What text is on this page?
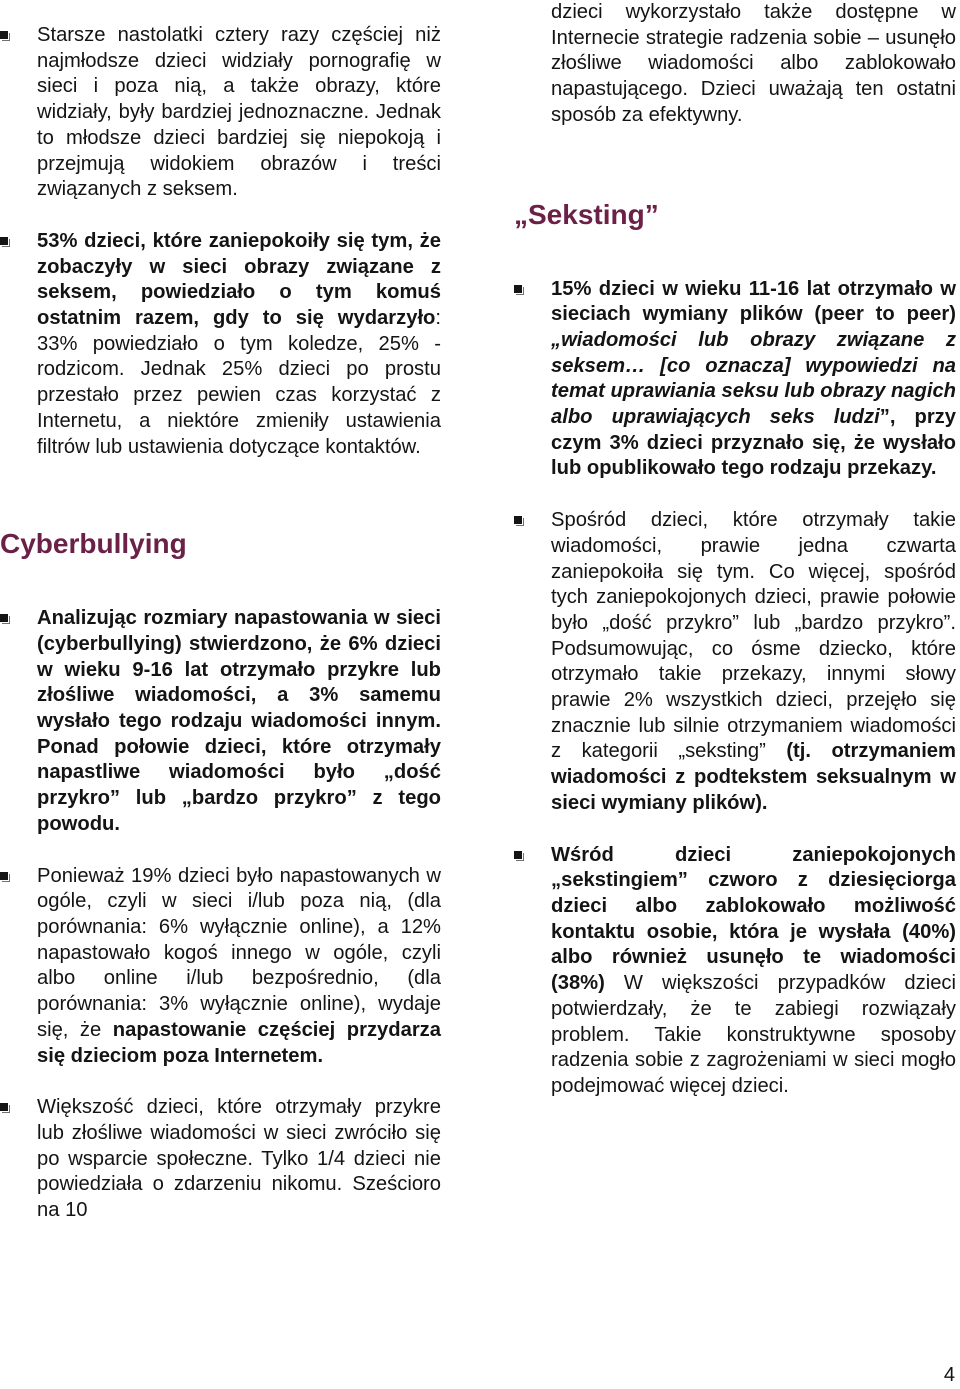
Starsze nastolatki cztery razy częściej niż najmłodsze dzieci widziały pornografię w sieci i poza nią, a także obrazy, które widziały, były bardziej jednoznaczne. Jednak to młodsze dzieci bardziej się niepokoją i przejmują widokiem obrazów i treści związanych z seksem.

53% dzieci, które zaniepokoiły się tym, że zobaczyły w sieci obrazy związane z seksem, powiedziało o tym komuś ostatnim razem, gdy to się wydarzyło: 33% powiedziało o tym koledze, 25% - rodzicom. Jednak 25% dzieci po prostu przestało przez pewien czas korzystać z Internetu, a niektóre zmieniły ustawienia filtrów lub ustawienia dotyczące kontaktów.

Cyberbullying

Analizując rozmiary napastowania w sieci (cyberbullying) stwierdzono, że 6% dzieci w wieku 9-16 lat otrzymało przykre lub złośliwe wiadomości, a 3% samemu wysłało tego rodzaju wiadomości innym. Ponad połowie dzieci, które otrzymały napastliwe wiadomości było „dość przykro” lub „bardzo przykro” z tego powodu.

Ponieważ 19% dzieci było napastowanych w ogóle, czyli w sieci i/lub poza nią, (dla porównania: 6% wyłącznie online), a 12% napastowało kogoś innego w ogóle, czyli albo online i/lub bezpośrednio, (dla porównania: 3% wyłącznie online), wydaje się, że napastowanie częściej przydarza się dzieciom poza Internetem.

Większość dzieci, które otrzymały przykre lub złośliwe wiadomości w sieci zwróciło się po wsparcie społeczne. Tylko 1/4 dzieci nie powiedziała o zdarzeniu nikomu. Sześcioro na 10

dzieci wykorzystało także dostępne w Internecie strategie radzenia sobie – usunęło złośliwe wiadomości albo zablokowało napastującego. Dzieci uważają ten ostatni sposób za efektywny.

„Seksting”

15% dzieci w wieku 11-16 lat otrzymało w sieciach wymiany plików (peer to peer) „wiadomości lub obrazy związane z seksem… [co oznacza] wypowiedzi na temat uprawiania seksu lub obrazy nagich albo uprawiających seks ludzi”, przy czym 3% dzieci przyznało się, że wysłało lub opublikowało tego rodzaju przekazy.

Spośród dzieci, które otrzymały takie wiadomości, prawie jedna czwarta zaniepokoiła się tym. Co więcej, spośród tych zaniepokojonych dzieci, prawie połowie było „dość przykro” lub „bardzo przykro”. Podsumowując, co ósme dziecko, które otrzymało takie przekazy, innymi słowy prawie 2% wszystkich dzieci, przejęło się znacznie lub silnie otrzymaniem wiadomości z kategorii „seksting” (tj. otrzymaniem wiadomości z podtekstem seksualnym w sieci wymiany plików).

Wśród dzieci zaniepokojonych „sekstingiem” czworo z dziesięciorga dzieci albo zablokowało możliwość kontaktu osobie, która je wysłała (40%) albo również usunęło te wiadomości (38%) W większości przypadków dzieci potwierdzały, że te zabiegi rozwiązały problem. Takie konstruktywne sposoby radzenia sobie z zagrożeniami w sieci mogło podejmować więcej dzieci.

4
